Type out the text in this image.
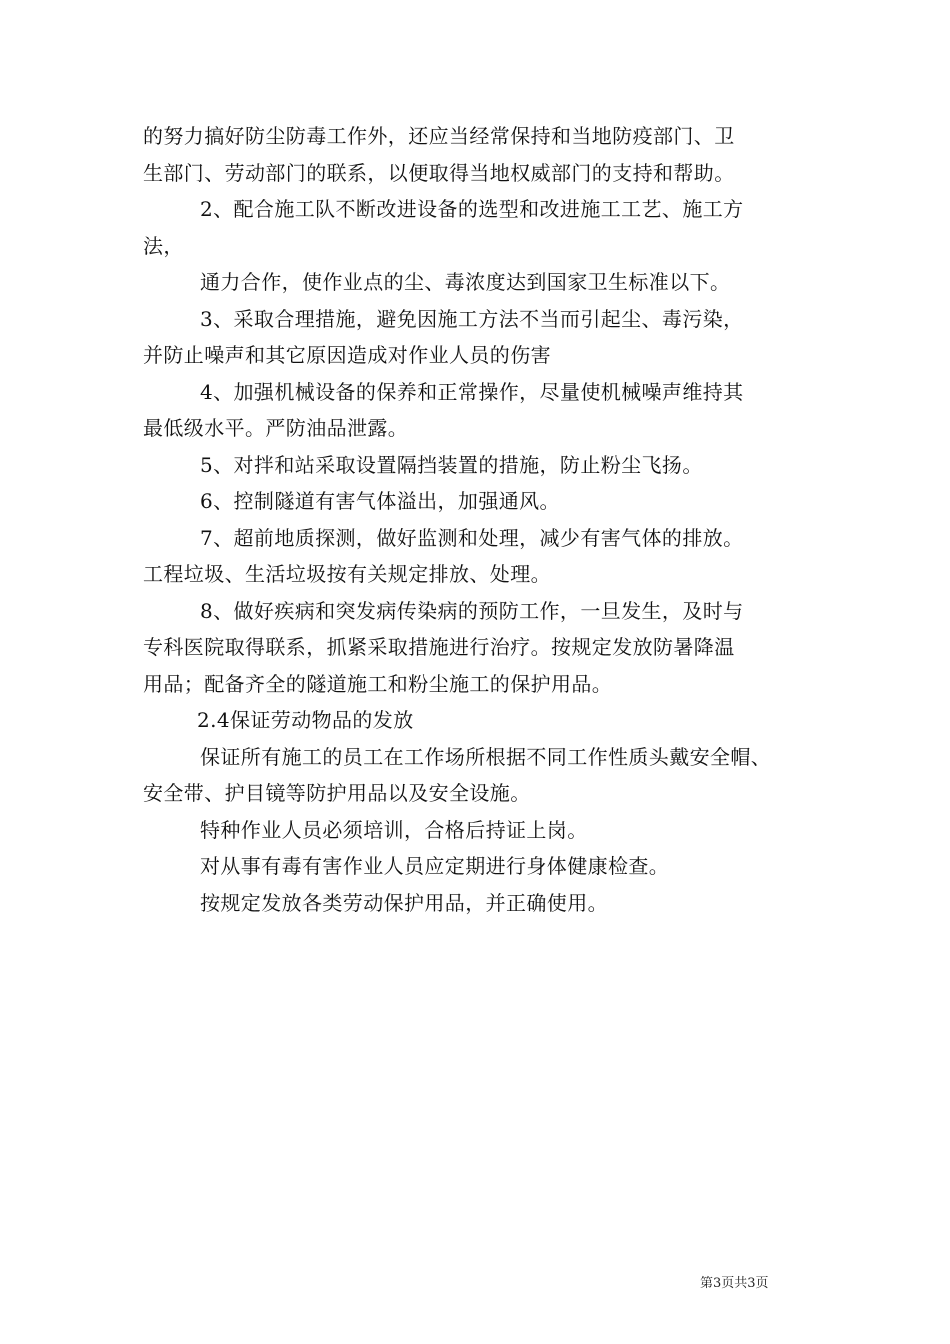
的努力搞好防尘防毒工作外，还应当经常保持和当地防疫部门、卫
生部门、劳动部门的联系，以便取得当地权威部门的支持和帮助。
2、配合施工队不断改进设备的选型和改进施工工艺、施工方
法，
通力合作，使作业点的尘、毒浓度达到国家卫生标准以下。
3、采取合理措施，避免因施工方法不当而引起尘、毒污染，
并防止噪声和其它原因造成对作业人员的伤害
4、加强机械设备的保养和正常操作，尽量使机械噪声维持其
最低级水平。严防油品泄露。
5、对拌和站采取设置隔挡装置的措施，防止粉尘飞扬。
6、控制隧道有害气体溢出，加强通风。
7、超前地质探测，做好监测和处理，减少有害气体的排放。
工程垃圾、生活垃圾按有关规定排放、处理。
8、做好疾病和突发病传染病的预防工作，一旦发生，及时与
专科医院取得联系，抓紧采取措施进行治疗。按规定发放防暑降温
用品；配备齐全的隧道施工和粉尘施工的保护用品。
2.4保证劳动物品的发放
保证所有施工的员工在工作场所根据不同工作性质头戴安全帽、
安全带、护目镜等防护用品以及安全设施。
特种作业人员必须培训，合格后持证上岗。
对从事有毒有害作业人员应定期进行身体健康检查。
按规定发放各类劳动保护用品，并正确使用。
第3页共3页
